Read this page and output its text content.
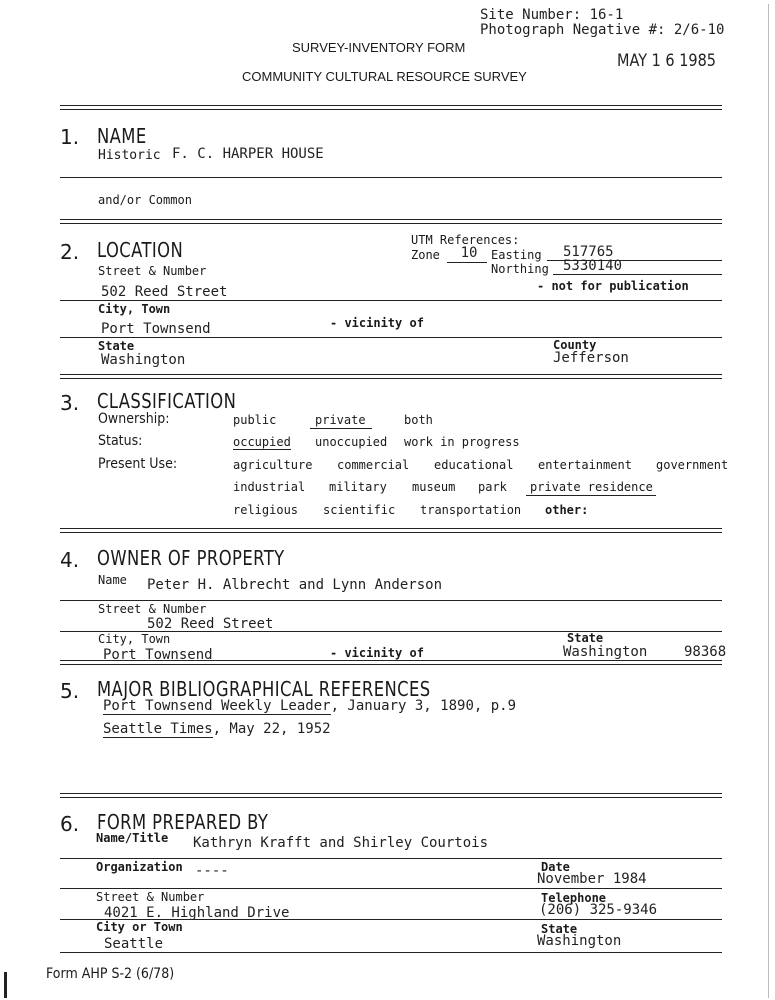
Site Number: 16-1
Photograph Negative #: 2/6-10
SURVEY-INVENTORY FORM
COMMUNITY CULTURAL RESOURCE SURVEY
MAY 1 6 1985
1. NAME
Historic F. C. HARPER HOUSE
and/or Common
2. LOCATION	UTM References:
Zone	10	Easting 517765
Northing 5330140
- not for publication
Street & Number
502 Reed Street
City, Town
Port Townsend	- vicinity of
State
Washington
County
Jefferson
3. CLASSIFICATION
Ownership:	public	private	both
Status:	occupied unoccupied work in progress
Present Use:	agriculture commercial educational entertainment government
industrial military museum park private residence
religious scientific transportation other:
4. OWNER OF PROPERTY
Name Peter H. Albrecht and Lynn Anderson
Street & Number
502 Reed Street
City, Town
Port Townsend	- vicinity of
State
Washington	98368
5. MAJOR BIBLIOGRAPHICAL REFERENCES
Port Townsend Weekly Leader, January 3, 1890, p.9
Seattle Times, May 22, 1952
6. FORM PREPARED BY
Name/Title Kathryn Krafft and Shirley Courtois
Organization ----	Date
November 1984
Street & Number
4021 E. Highland Drive
Telephone
(206) 325-9346
City or Town
Seattle
State
Washington
Form AHP S-2 (6/78)
